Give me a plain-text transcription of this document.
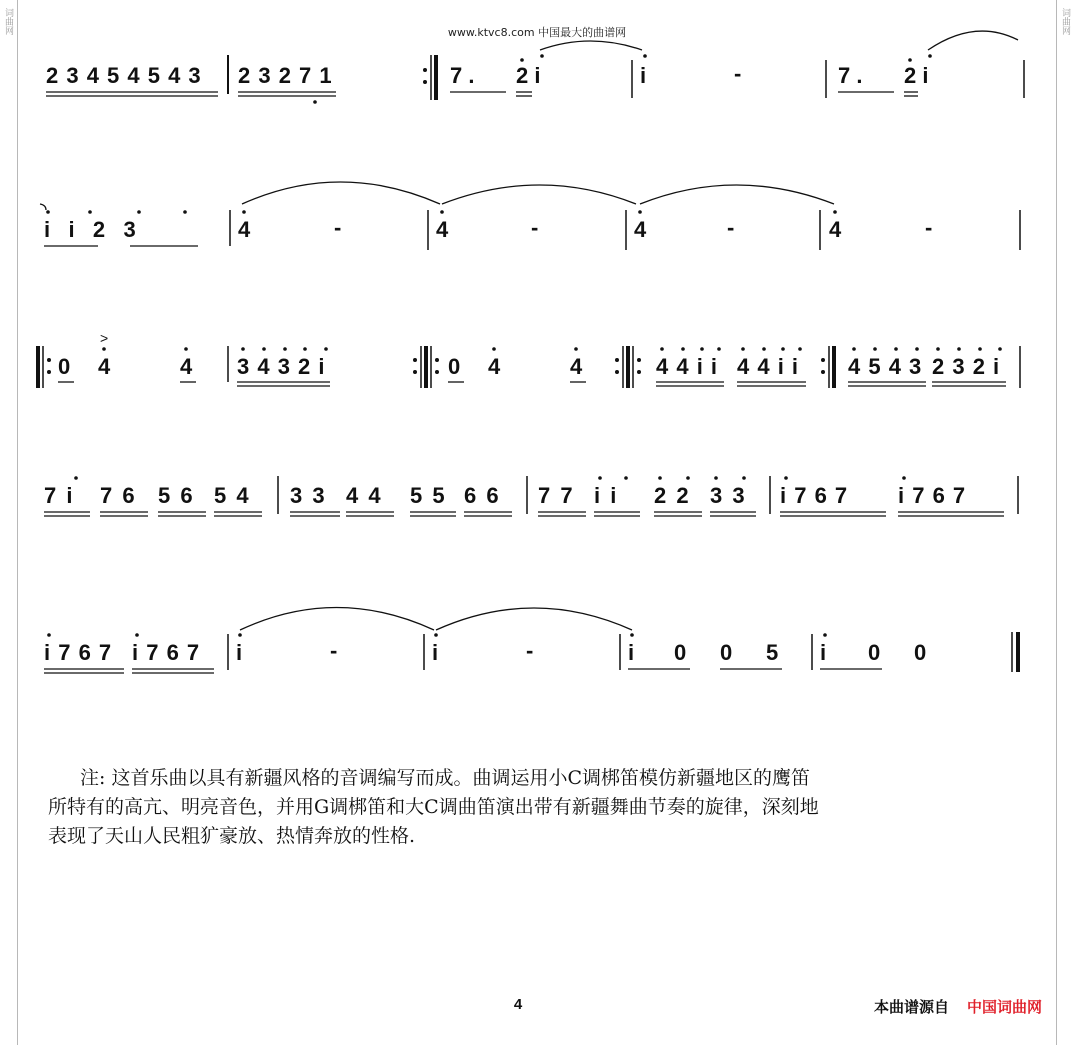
词曲网	词曲网
www.ktvc8.com 中国最大的曲谱网
2 3 4 5 4 5 4 3 2 3 2 7 1	7 . 2 i	i	-	7 . 2 i
i   i   2   3	4	-	4	-	4	-	4	-
0
>
4	4 3 4 3 2 i	0 4	4	4 4 i i 4 4 i i 4 5 4 3 2 3 2 i
7 i 7 6 5 6 5 4 3 3 4 4 5 5 6 6 7 7 i i 2 2 3 3 i 7 6 7 i 7 6 7
i 7 6 7 i 7 6 7 i	-	i	-	i 0 0 5 i 0 0
注: 这首乐曲以具有新疆风格的音调编写而成。曲调运用小C调梆笛模仿新疆地区的鹰笛
所特有的高亢、明亮音色，并用G调梆笛和大C调曲笛演出带有新疆舞曲节奏的旋律，深刻地
表现了天山人民粗犷豪放、热情奔放的性格.
4	本曲谱源自 中国词曲网
